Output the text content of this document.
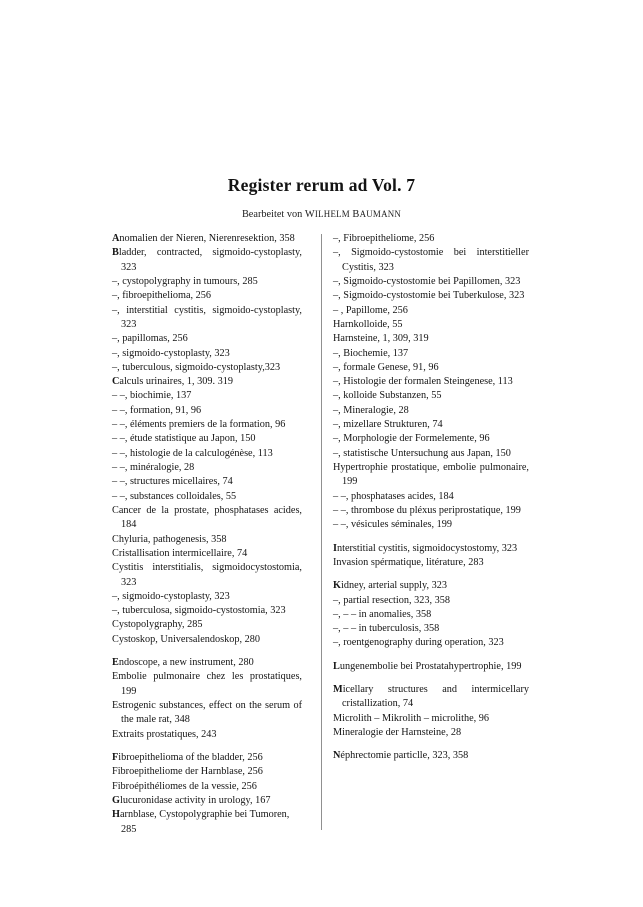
Register rerum ad Vol. 7
Bearbeitet von WILHELM BAUMANN

Anomalien der Nieren, Nierenresektion, 358

Bladder, contracted, sigmoido-cystoplasty, 323

–, cystopolygraphy in tumours, 285

–, fibroepithelioma, 256

–, interstitial cystitis, sigmoido-cystoplasty, 323

–, papillomas, 256

–, sigmoido-cystoplasty, 323

–, tuberculous, sigmoido-cystoplasty,323

Calculs urinaires, 1, 309. 319

– –, biochimie, 137

– –, formation, 91, 96

– –, éléments premiers de la formation, 96

– –, étude statistique au Japon, 150

– –, histologie de la calculogénèse, 113

– –, minéralogie, 28

– –, structures micellaires, 74

– –, substances colloidales, 55

Cancer de la prostate, phosphatases acides, 184

Chyluria, pathogenesis, 358

Cristallisation intermicellaire, 74

Cystitis interstitialis, sigmoidocystostomia, 323

–, sigmoido-cystoplasty, 323

–, tuberculosa, sigmoido-cystostomia, 323

Cystopolygraphy, 285

Cystoskop, Universalendoskop, 280

Endoscope, a new instrument, 280

Embolie pulmonaire chez les prostatiques, 199

Estrogenic substances, effect on the serum of the male rat, 348

Extraits prostatiques, 243

Fibroepithelioma of the bladder, 256

Fibroepitheliome der Harnblase, 256

Fibroépithéliomes de la vessie, 256

Glucuronidase activity in urology, 167

Harnblase, Cystopolygraphie bei Tumoren, 285

–, Fibroepitheliome, 256

–, Sigmoido-cystostomie bei interstitieller Cystitis, 323

–, Sigmoido-cystostomie bei Papillomen, 323

–, Sigmoido-cystostomie bei Tuberkulose, 323

– , Papillome, 256

Harnkolloide, 55

Harnsteine, 1, 309, 319

–, Biochemie, 137

–, formale Genese, 91, 96

–, Histologie der formalen Steingenese, 113

–, kolloide Substanzen, 55

–, Mineralogie, 28

–, mizellare Strukturen, 74

–, Morphologie der Formelemente, 96

–, statistische Untersuchung aus Japan, 150

Hypertrophie prostatique, embolie pulmonaire, 199

– –, phosphatases acides, 184

– –, thrombose du pléxus periprostatique, 199

– –, vésicules séminales, 199

Interstitial cystitis, sigmoidocystostomy, 323

Invasion spérmatique, litérature, 283

Kidney, arterial supply, 323

–, partial resection, 323, 358

–, – – in anomalies, 358

–, – – in tuberculosis, 358

–, roentgenography during operation, 323

Lungenembolie bei Prostatahypertrophie, 199

Micellary structures and intermicellary cristallization, 74

Microlith – Mikrolith – microlithe, 96

Mineralogie der Harnsteine, 28

Néphrectomie particlle, 323, 358
